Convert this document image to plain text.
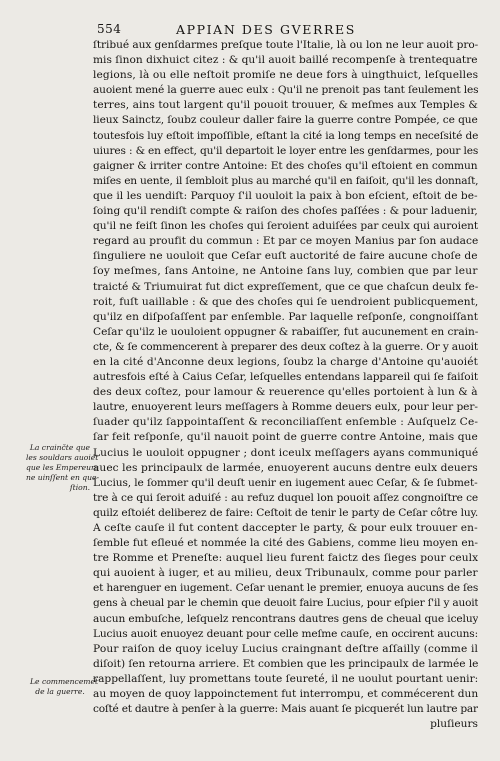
554	APPIAN DES GVERRES
ſtribué aux genſdarmes preſque toute l'Italie, là ou lon ne leur auoit pro-
mis ſinon dixhuict citez : & qu'il auoit baillé recompenſe à trentequatre
legions, là ou elle neſtoit promiſe ne deue fors à uingthuict, leſquelles
auoient mené la guerre auec eulx : Qu'il ne prenoit pas tant ſeulement les
terres, ains tout largent qu'il pouoit trouuer, & meſmes aux Temples &
lieux Sainctz, ſoubz couleur daller faire la guerre contre Pompée, ce que
toutesfois luy eſtoit impoſſible, eſtant la cité ia long temps en neceſsité de
uiures : & en effect, qu'il departoit le loyer entre les genſdarmes, pour les
gaigner & irriter contre Antoine: Et des choſes qu'il eſtoient en commun
miſes en uente, il ſembloit plus au marché qu'il en faiſoit, qu'il les donnaſt,
que il les uendiſt: Parquoy ſ'il uouloit la paix à bon eſcient, eſtoit de be-
ſoing qu'il rendiſt compte & raiſon des choſes paſſées : & pour laduenir,
qu'il ne feiſt ſinon les choſes qui ſeroient aduiſées par ceulx qui auroient
regard au proufit du commun : Et par ce moyen Manius par ſon audace
ſinguliere ne uouloit que Ceſar euſt auctorité de faire aucune choſe de
ſoy meſmes, ſans Antoine, ne Antoine ſans luy, combien que par leur
traicté & Triumuirat fut dict expreſſement, que ce que chaſcun deulx fe-
roit, fuſt uaillable : & que des choſes qui ſe uendroient publicquement,
qu'ilz en diſpoſaſſent par enſemble. Par laquelle reſponſe, congnoiſſant
Ceſar qu'ilz le uouloient oppugner & rabaiſſer, fut aucunement en crain-
cte, & ſe commencerent à preparer des deux coſtez à la guerre. Or y auoit
en la cité d'Anconne deux legions, ſoubz la charge d'Antoine qu'auoiét
autresfois eſté à Caius Ceſar, leſquelles entendans lappareil qui ſe faiſoit
des deux coſtez, pour lamour & reuerence qu'elles portoient à lun & à
lautre, enuoyerent leurs meſſagers à Romme deuers eulx, pour leur per-
ſuader qu'ilz ſappointaſſent & reconciliaſſent enſemble : Auſquelz Ce-
ſar feit reſponſe, qu'il nauoit point de guerre contre Antoine, mais que
Lucius le uouloit oppugner ; dont iceulx meſſagers ayans communiqué
auec les principaulx de larmée, enuoyerent aucuns dentre eulx deuers
Lucius, le ſommer qu'il deuſt uenir en iugement auec Ceſar, & ſe ſubmet-
tre à ce qui ſeroit aduiſé : au refuz duquel lon pouoit aſſez congnoiſtre ce
quilz eſtoiét deliberez de faire: Ceſtoit de tenir le party de Ceſar côtre luy.
A ceſte cauſe il fut content daccepter le party, & pour eulx trouuer en-
ſemble fut eſleué et nommée la cité des Gabiens, comme lieu moyen en-
tre Romme et Preneſte: auquel lieu furent faictz des ſieges pour ceulx
qui auoient à iuger, et au milieu, deux Tribunaulx, comme pour parler
et harenguer en iugement. Ceſar uenant le premier, enuoya aucuns de ſes
gens à cheual par le chemin que deuoit faire Lucius, pour eſpier ſ'il y auoit
aucun embuſche, leſquelz rencontrans dautres gens de cheual que iceluy
Lucius auoit enuoyez deuant pour celle meſme cauſe, en occirent aucuns:
Pour raiſon de quoy iceluy Lucius craingnant deſtre aſſailly (comme il
diſoit) ſen retourna arriere. Et combien que les principaulx de larmée le
rappellaſſent, luy promettans toute ſeureté, il ne uoulut pourtant uenir:
au moyen de quoy lappoinctement fut interrompu, et commécerent dun
coſté et dautre à penſer à la guerre: Mais auant ſe picquerét lun lautre par
pluſieurs
La crainčte que
les souldars auoiét
que les Empereurs
ne uinſſent en que-
ſtion.
Le commencemét
de la guerre.
